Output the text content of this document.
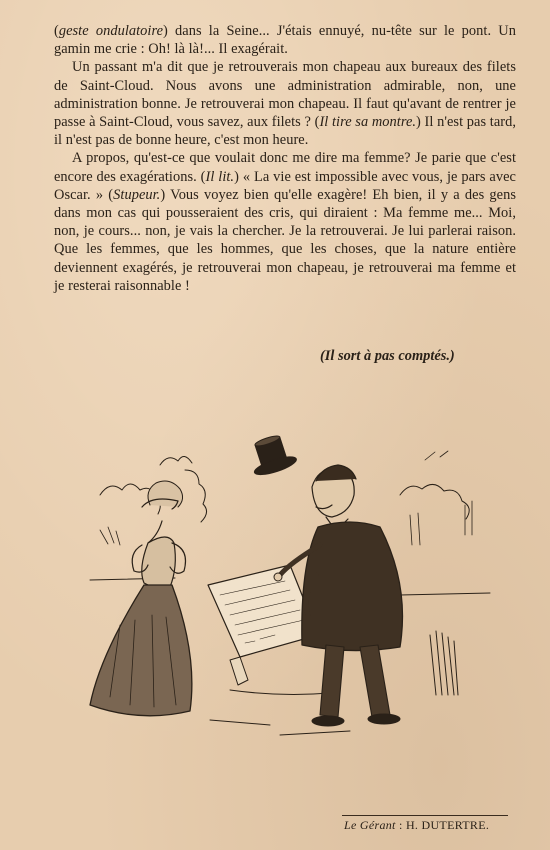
(geste ondulatoire) dans la Seine... J'étais ennuyé, nu-tête sur le pont. Un gamin me crie : Oh! là là!... Il exagérait.

Un passant m'a dit que je retrouverais mon chapeau aux bureaux des filets de Saint-Cloud. Nous avons une administration admirable, non, une administration bonne. Je retrouverai mon chapeau. Il faut qu'avant de rentrer je passe à Saint-Cloud, vous savez, aux filets ? (Il tire sa montre.) Il n'est pas tard, il n'est pas de bonne heure, c'est mon heure.

A propos, qu'est-ce que voulait donc me dire ma femme? Je parie que c'est encore des exagérations. (Il lit.) « La vie est impossible avec vous, je pars avec Oscar. » (Stupeur.) Vous voyez bien qu'elle exagère! Eh bien, il y a des gens dans mon cas qui pousseraient des cris, qui diraient : Ma femme me... Moi, non, je cours... non, je vais la chercher. Je la retrouverai. Je lui parlerai raison. Que les femmes, que les hommes, que les choses, que la nature entière deviennent exagérés, je retrouverai mon chapeau, je retrouverai ma femme et je resterai raisonnable !

(Il sort à pas comptés.)
Le Gérant : H. DUTERTRE.
